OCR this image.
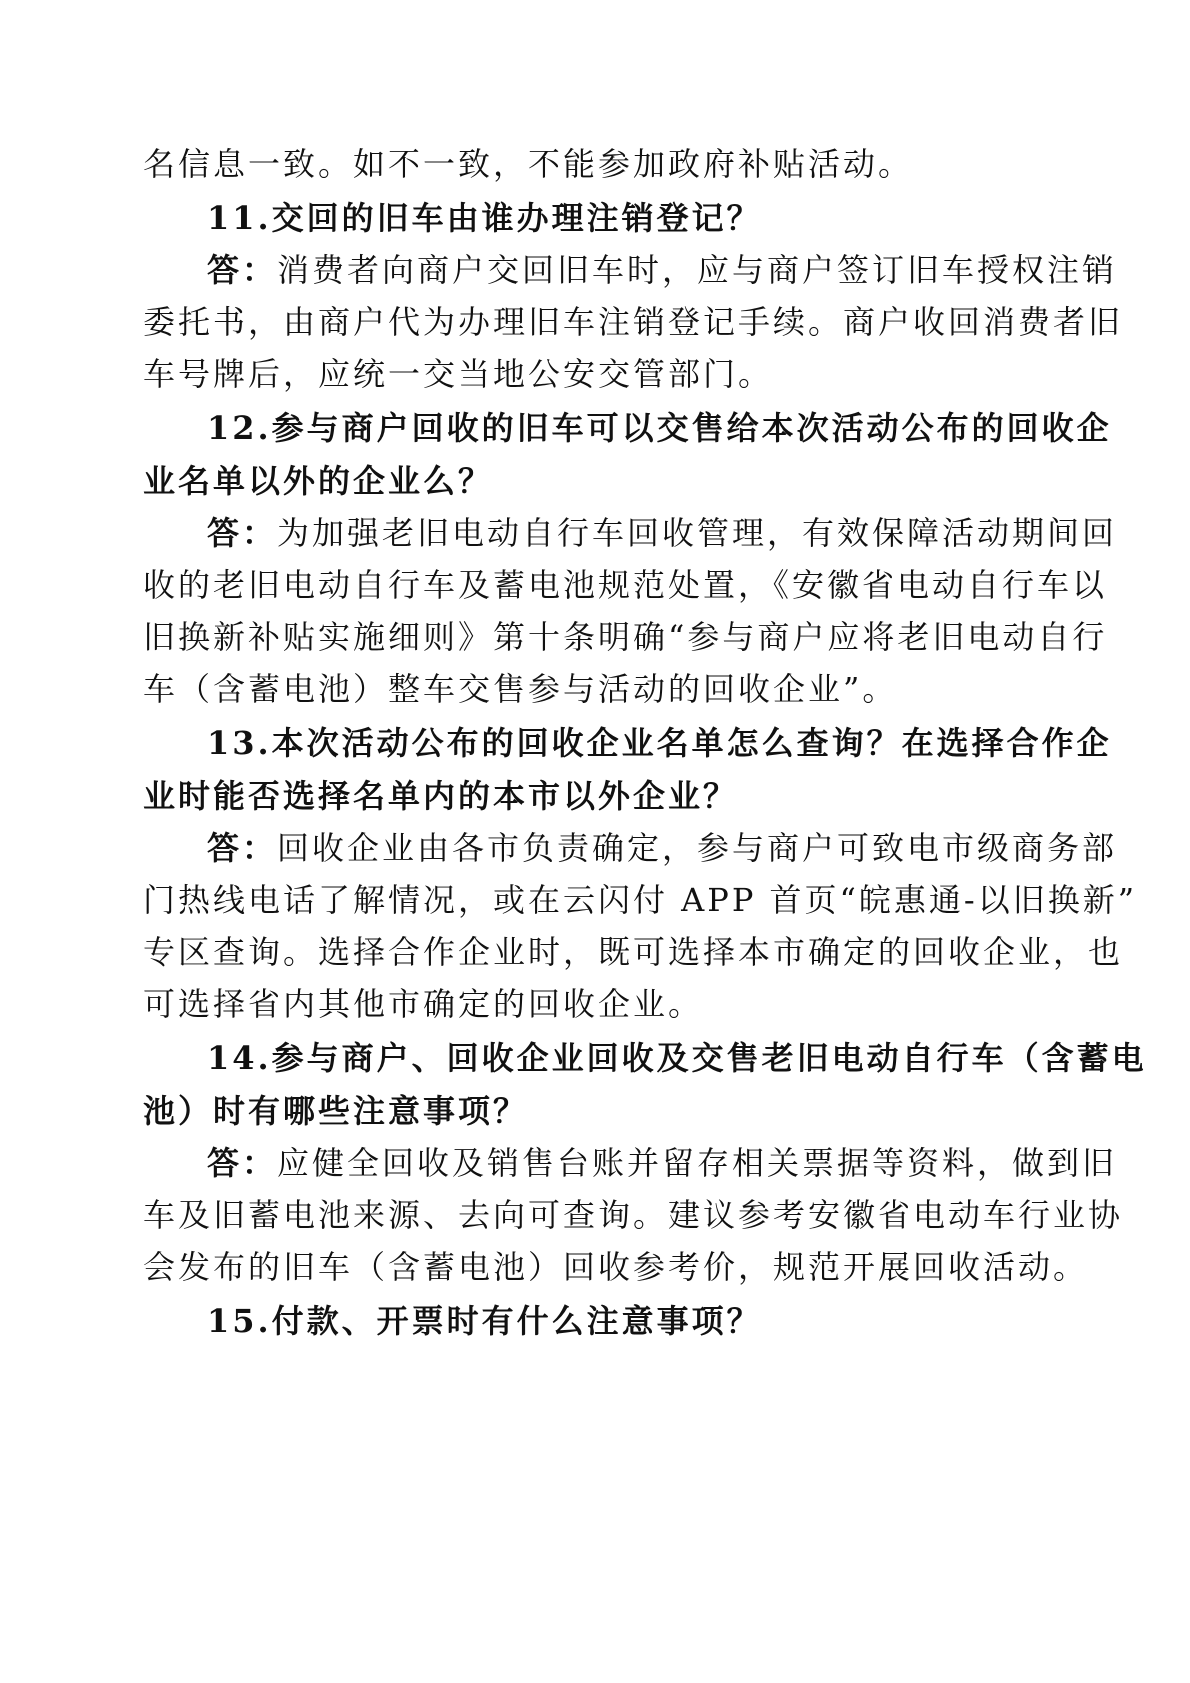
名信息一致。如不一致，不能参加政府补贴活动。
11.交回的旧车由谁办理注销登记？
答：消费者向商户交回旧车时，应与商户签订旧车授权注销
委托书，由商户代为办理旧车注销登记手续。商户收回消费者旧
车号牌后，应统一交当地公安交管部门。
12.参与商户回收的旧车可以交售给本次活动公布的回收企
业名单以外的企业么？
答：为加强老旧电动自行车回收管理，有效保障活动期间回
收的老旧电动自行车及蓄电池规范处置，《安徽省电动自行车以
旧换新补贴实施细则》第十条明确“参与商户应将老旧电动自行
车（含蓄电池）整车交售参与活动的回收企业”。
13.本次活动公布的回收企业名单怎么查询？在选择合作企
业时能否选择名单内的本市以外企业？
答：回收企业由各市负责确定，参与商户可致电市级商务部
门热线电话了解情况，或在云闪付 APP 首页“皖惠通-以旧换新”
专区查询。选择合作企业时，既可选择本市确定的回收企业，也
可选择省内其他市确定的回收企业。
14.参与商户、回收企业回收及交售老旧电动自行车（含蓄电
池）时有哪些注意事项？
答：应健全回收及销售台账并留存相关票据等资料，做到旧
车及旧蓄电池来源、去向可查询。建议参考安徽省电动车行业协
会发布的旧车（含蓄电池）回收参考价，规范开展回收活动。
15.付款、开票时有什么注意事项？
